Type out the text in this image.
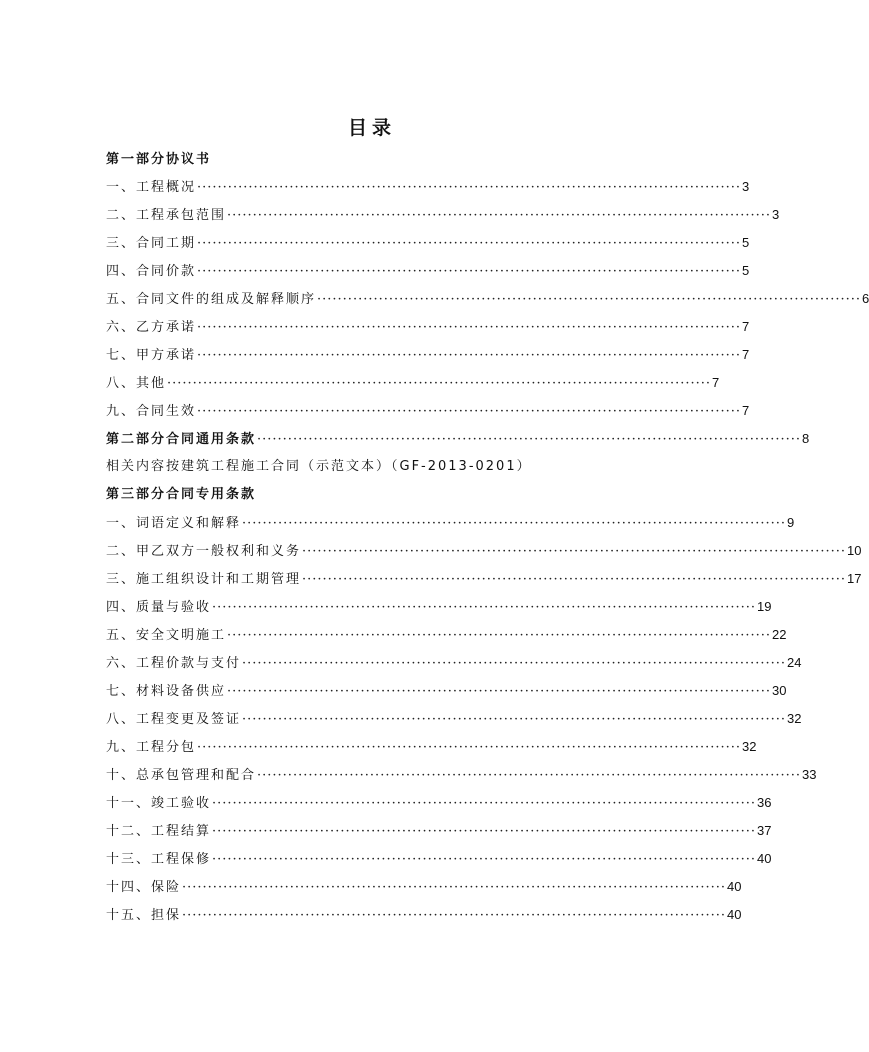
目录
第一部分协议书
一、工程概况 ·········································································································· 3
二、工程承包范围 ·········································································································· 3
三、合同工期 ·········································································································· 5
四、合同价款 ·········································································································· 5
五、合同文件的组成及解释顺序 ·········································································································· 6
六、乙方承诺 ·········································································································· 7
七、甲方承诺 ·········································································································· 7
八、其他 ·········································································································· 7
九、合同生效 ·········································································································· 7
第二部分合同通用条款 ·········································································································· 8
相关内容按建筑工程施工合同（示范文本）（GF-2013-0201）
第三部分合同专用条款
一、词语定义和解释 ·········································································································· 9
二、甲乙双方一般权利和义务 ·········································································································· 10
三、施工组织设计和工期管理 ·········································································································· 17
四、质量与验收 ·········································································································· 19
五、安全文明施工 ·········································································································· 22
六、工程价款与支付 ·········································································································· 24
七、材料设备供应 ·········································································································· 30
八、工程变更及签证 ·········································································································· 32
九、工程分包 ·········································································································· 32
十、总承包管理和配合 ·········································································································· 33
十一、竣工验收 ·········································································································· 36
十二、工程结算 ·········································································································· 37
十三、工程保修 ·········································································································· 40
十四、保险 ·········································································································· 40
十五、担保 ·········································································································· 40
